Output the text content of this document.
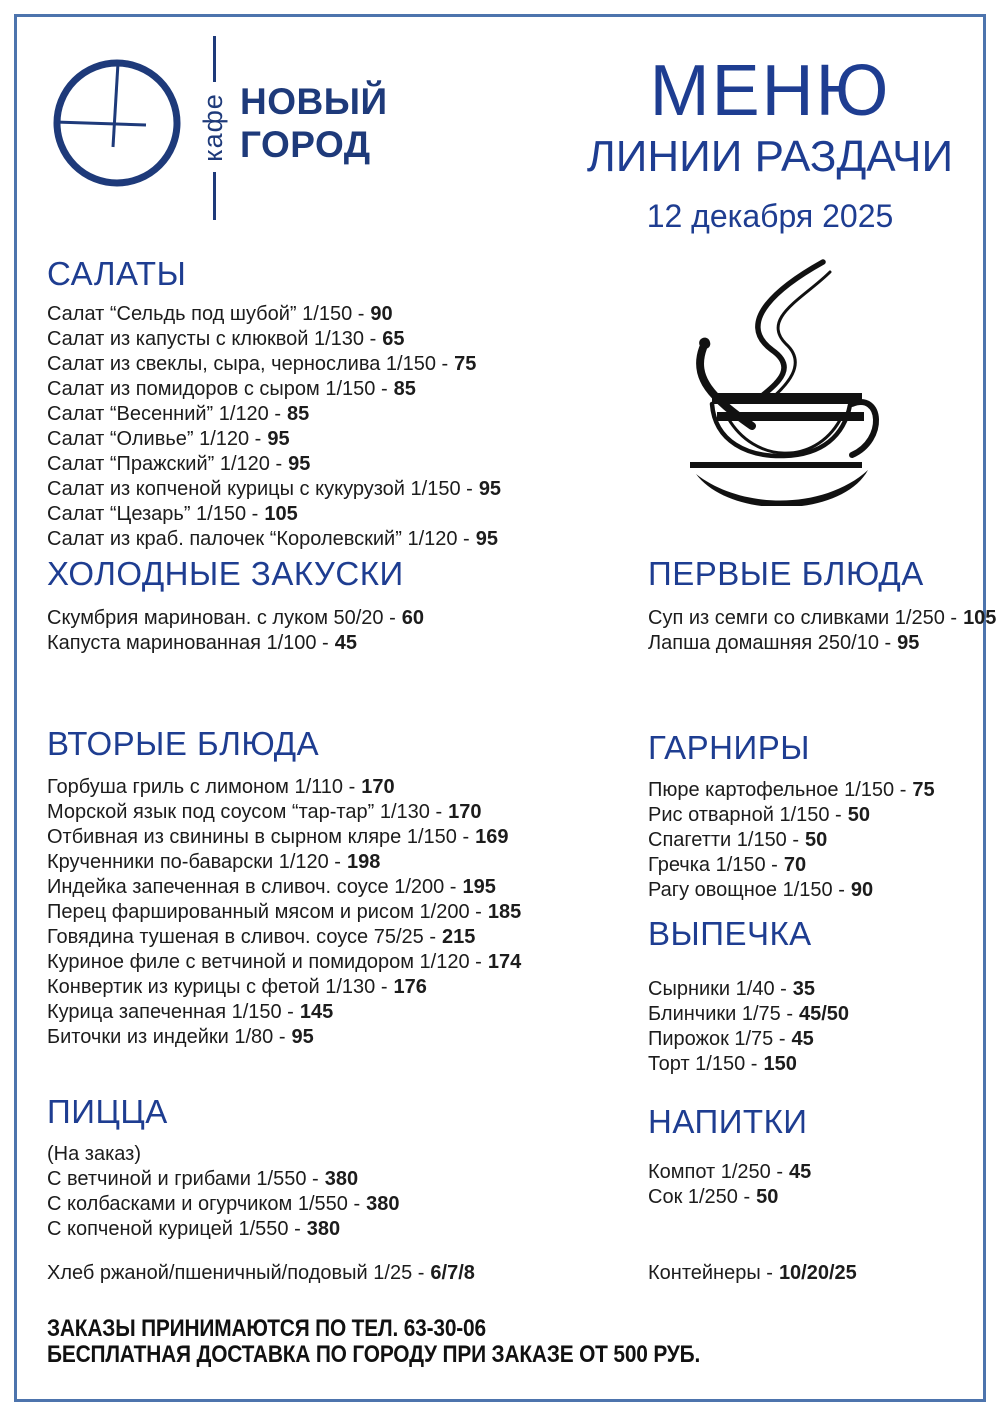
кафе НОВЫЙ
ГОРОД
МЕНЮ
ЛИНИИ РАЗДАЧИ
12 декабря 2025
САЛАТЫ
Салат “Сельдь под шубой” 1/150 - 90
Салат из капусты с клюквой 1/130 - 65
Салат из свеклы, сыра, чернослива 1/150 - 75
Салат из помидоров с сыром 1/150 - 85
Салат “Весенний” 1/120 - 85
Салат “Оливье” 1/120 - 95
Салат “Пражский” 1/120 - 95
Салат из копченой курицы с кукурузой 1/150 - 95
Салат “Цезарь” 1/150 - 105
Салат из краб. палочек “Королевский” 1/120 - 95
ХОЛОДНЫЕ ЗАКУСКИ
Скумбрия маринован. с луком 50/20 - 60
Капуста маринованная 1/100 - 45
ПЕРВЫЕ БЛЮДА
Суп из семги со сливками 1/250 - 105
Лапша домашняя 250/10 - 95
ВТОРЫЕ БЛЮДА
Горбуша гриль с лимоном 1/110 - 170
Морской язык под соусом “тар-тар” 1/130 - 170
Отбивная из свинины в сырном кляре 1/150 - 169
Крученники по-баварски 1/120 - 198
Индейка запеченная в сливоч. соусе 1/200 - 195
Перец фаршированный мясом и рисом 1/200 - 185
Говядина тушеная в сливоч. соусе 75/25 - 215
Куриное филе с ветчиной и помидором 1/120 - 174
Конвертик из курицы с фетой 1/130 - 176
Курица запеченная 1/150 - 145
Биточки из индейки 1/80 - 95
ГАРНИРЫ
Пюре картофельное 1/150 - 75
Рис отварной 1/150 - 50
Спагетти 1/150 - 50
Гречка 1/150 - 70
Рагу овощное 1/150 - 90
ВЫПЕЧКА
Сырники 1/40 - 35
Блинчики 1/75 - 45/50
Пирожок 1/75 - 45
Торт 1/150 - 150
ПИЦЦА
(На заказ)
С ветчиной и грибами 1/550 - 380
С колбасками и огурчиком 1/550 - 380
С копченой курицей 1/550 - 380
НАПИТКИ
Компот 1/250 - 45
Сок 1/250 - 50
Хлеб ржаной/пшеничный/подовый 1/25 - 6/7/8	Контейнеры - 10/20/25
ЗАКАЗЫ ПРИНИМАЮТСЯ ПО ТЕЛ. 63-30-06
БЕСПЛАТНАЯ ДОСТАВКА ПО ГОРОДУ ПРИ ЗАКАЗЕ ОТ 500 РУБ.
